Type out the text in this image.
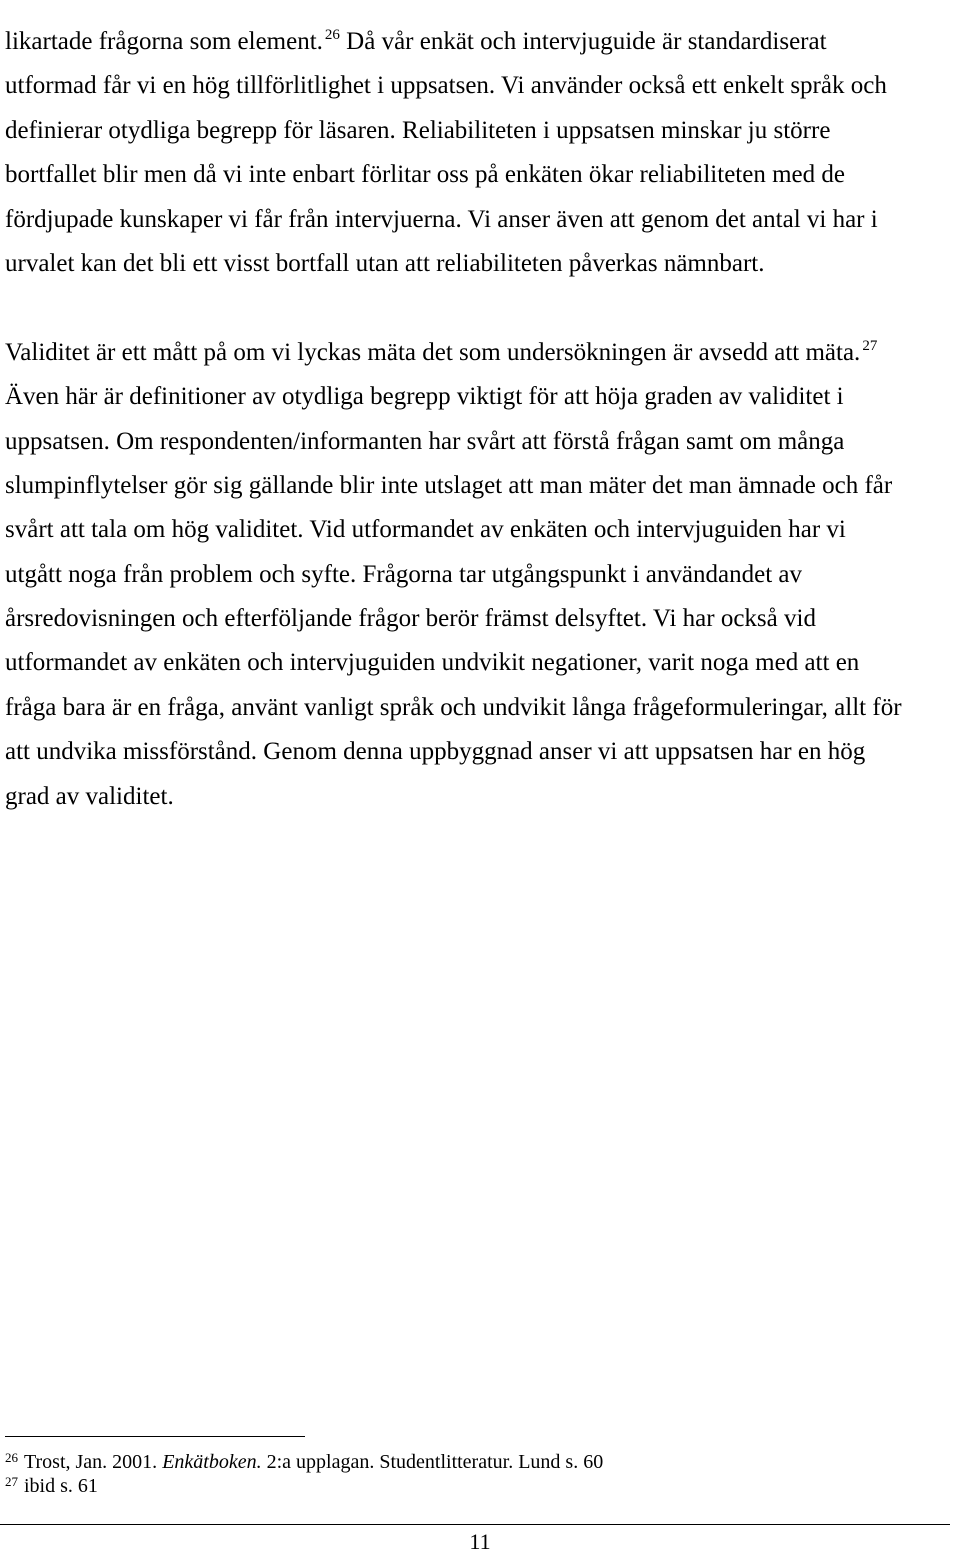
likartade frågorna som element. $^{26}$ Då vår enkät och intervjuguide är standardiserat
utformad får vi en hög tillförlitlighet i uppsatsen. Vi använder också ett enkelt språk och
definierar otydliga begrepp för läsaren. Reliabiliteten i uppsatsen minskar ju större
bortfallet blir men då vi inte enbart förlitar oss på enkäten ökar reliabiliteten med de
fördjupade kunskaper vi får från intervjuerna. Vi anser även att genom det antal vi har i
urvalet kan det bli ett visst bortfall utan att reliabiliteten påverkas nämnbart.
Validitet är ett mått på om vi lyckas mäta det som undersökningen är avsedd att mäta. $^{27}$
Även här är definitioner av otydliga begrepp viktigt för att höja graden av validitet i
uppsatsen. Om respondenten/informanten har svårt att förstå frågan samt om många
slumpinflytelser gör sig gällande blir inte utslaget att man mäter det man ämnade och får
svårt att tala om hög validitet. Vid utformandet av enkäten och intervjuguiden har vi
utgått noga från problem och syfte. Frågorna tar utgångspunkt i användandet av
årsredovisningen och efterföljande frågor berör främst delsyftet. Vi har också vid
utformandet av enkäten och intervjuguiden undvikit negationer, varit noga med att en
fråga bara är en fråga, använt vanligt språk och undvikit långa frågeformuleringar, allt för
att undvika missförstånd. Genom denna uppbyggnad anser vi att uppsatsen har en hög
grad av validitet.
$^{26}$ Trost, Jan. 2001. Enkätboken. 2:a upplagan. Studentlitteratur. Lund s. 60
$^{27}$ ibid s. 61
11
